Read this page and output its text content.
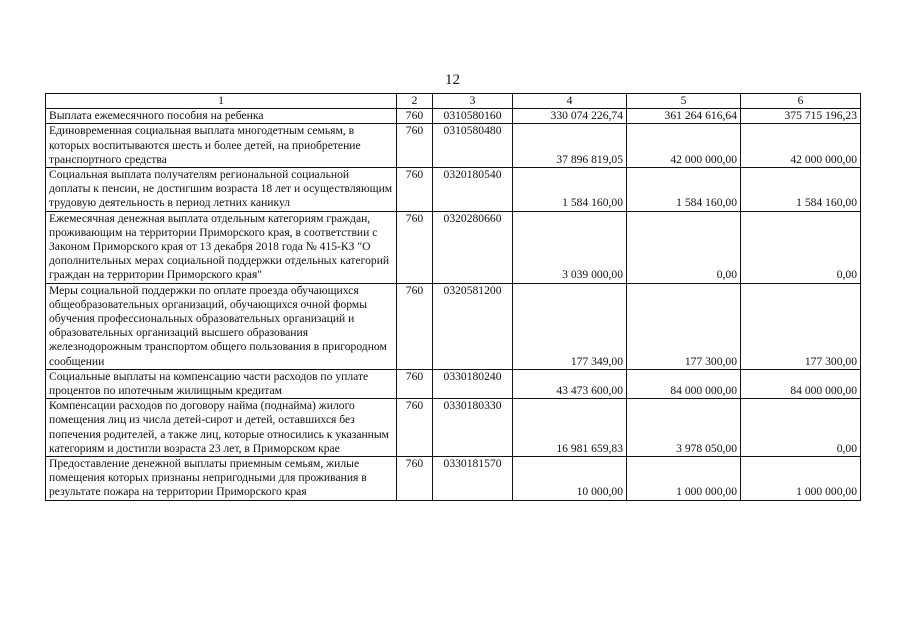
12
1	2	3	4	5	6
Выплата ежемесячного пособия на ребенка	760	0310580160	330 074 226,74	361 264 616,64	375 715 196,23
Единовременная социальная выплата многодетным семьям, в которых воспитываются шесть и более детей, на приобретение транспортного средства	760	0310580480	37 896 819,05	42 000 000,00	42 000 000,00
Социальная выплата получателям региональной социальной доплаты к пенсии, не достигшим возраста 18 лет и осуществляющим трудовую деятельность в период летних каникул	760	0320180540	1 584 160,00	1 584 160,00	1 584 160,00
Ежемесячная денежная выплата отдельным категориям граждан, проживающим на территории Приморского края, в соответствии с Законом Приморского края от 13 декабря 2018 года № 415-КЗ "О дополнительных мерах социальной поддержки отдельных категорий граждан на территории Приморского края"	760	0320280660	3 039 000,00	0,00	0,00
Меры социальной поддержки по оплате проезда обучающихся общеобразовательных организаций, обучающихся очной формы обучения профессиональных образовательных организаций и образовательных организаций высшего образования железнодорожным транспортом общего пользования в пригородном сообщении	760	0320581200	177 349,00	177 300,00	177 300,00
Социальные выплаты на компенсацию части расходов по уплате процентов по ипотечным жилищным кредитам	760	0330180240	43 473 600,00	84 000 000,00	84 000 000,00
Компенсации расходов по договору найма (поднайма) жилого помещения лиц из числа детей-сирот и детей, оставшихся без попечения родителей, а также лиц, которые относились к указанным категориям и достигли возраста 23 лет, в Приморском крае	760	0330180330	16 981 659,83	3 978 050,00	0,00
Предоставление денежной выплаты приемным семьям, жилые помещения которых признаны непригодными для проживания в результате пожара на территории Приморского края	760	0330181570	10 000,00	1 000 000,00	1 000 000,00
